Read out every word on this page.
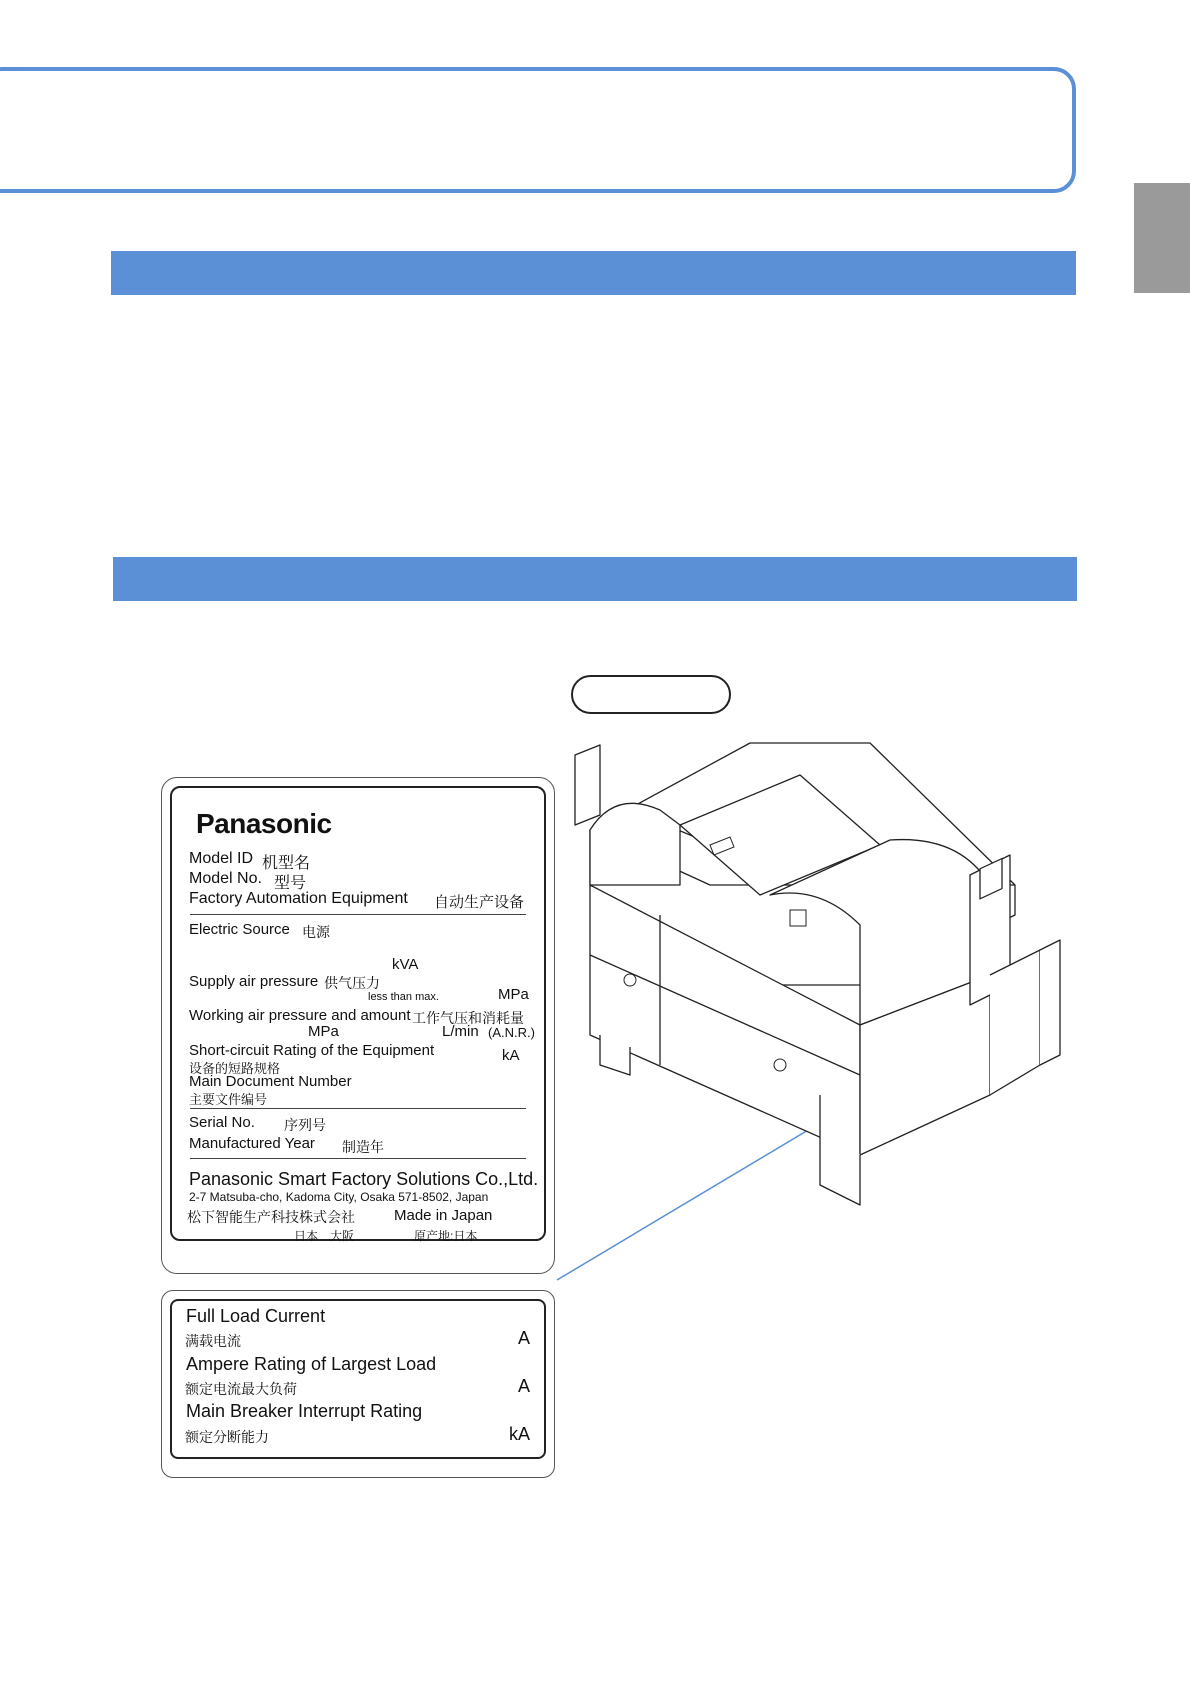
Panasonic
Model ID 机型名
Model No. 型号
Factory Automation Equipment 自动生产设备
Electric Source 电源
kVA
Supply air pressure 供气压力
less than max.	MPa
Working air pressure and amount 工作气压和消耗量
MPa	L/min (A.N.R.)
Short-circuit Rating of the Equipment
设备的短路规格
kA
Main Document Number
主要文件编号
Serial No. 序列号
Manufactured Year 制造年
Panasonic Smart Factory Solutions Co.,Ltd.
2-7 Matsuba-cho, Kadoma City, Osaka 571-8502, Japan
松下智能生产科技株式会社	Made in Japan
日本　大阪	原产地:日本
Full Load Current
满载电流	A
Ampere Rating of Largest Load
额定电流最大负荷	A
Main Breaker Interrupt Rating
额定分断能力	kA
